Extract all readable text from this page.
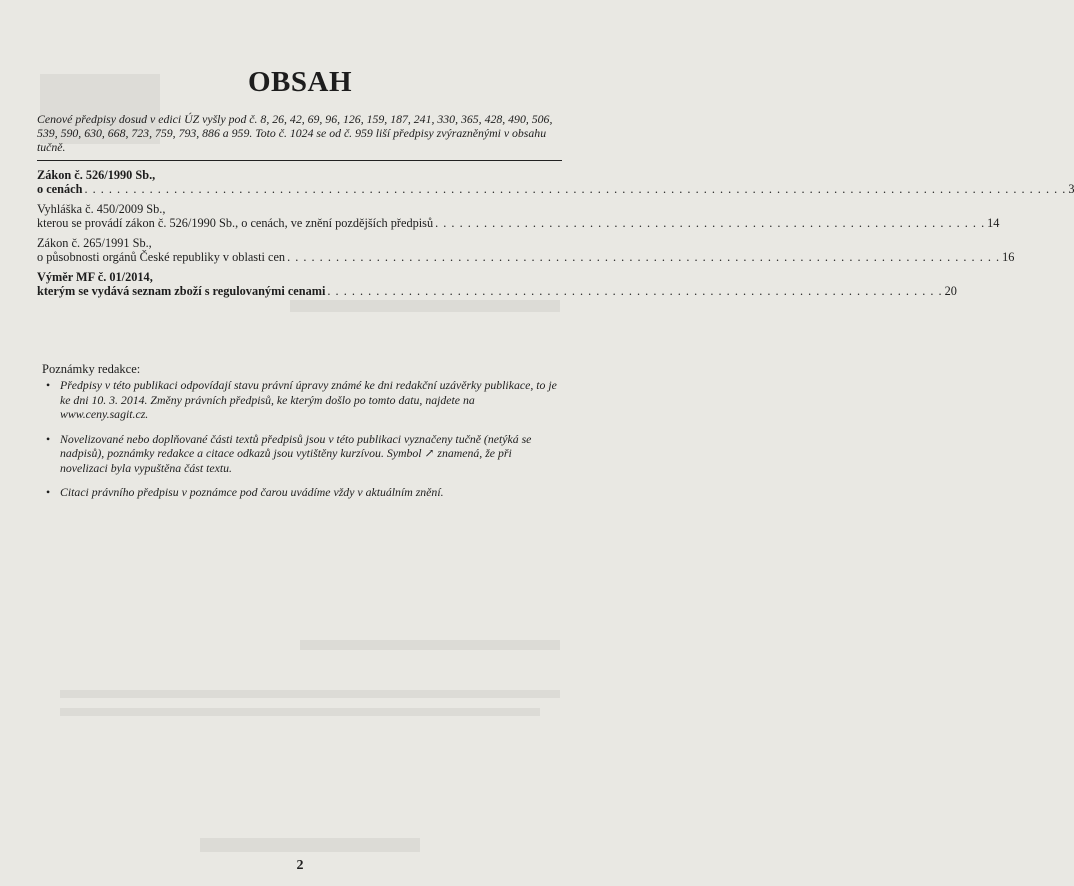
OBSAH
Cenové předpisy dosud v edici ÚZ vyšly pod č. 8, 26, 42, 69, 96, 126, 159, 187, 241, 330, 365, 428, 490, 506, 539, 590, 630, 668, 723, 759, 793, 886 a 959. Toto č. 1024 se od č. 959 liší předpisy zvýrazněnými v obsahu tučně.
Zákon č. 526/1990 Sb.,
o cenách . . . . . . . . . . . . . . . . . . . . . . . . . . . . . . . . . . . . . . . . . . . . . . . . . . . . . . . . . . . . . . . . . . . . . . . . . . . . . . . . . . . . . . . . . . . . . . . . . . . . . . . . . . . . . . . . . . . . . . . . . 3
Vyhláška č. 450/2009 Sb.,
kterou se provádí zákon č. 526/1990 Sb., o cenách, ve znění pozdějších předpisů . . . . . . . . . . . . . . . . . . . . . . . . . . . . . . . . . . . . . . . . . . . . . . . . . . . . . . . . . . . . . . . . . . . . 14
Zákon č. 265/1991 Sb.,
o působnosti orgánů České republiky v oblasti cen . . . . . . . . . . . . . . . . . . . . . . . . . . . . . . . . . . . . . . . . . . . . . . . . . . . . . . . . . . . . . . . . . . . . . . . . . . . . . . . . . . . . . . . . 16
Výměr MF č. 01/2014,
kterým se vydává seznam zboží s regulovanými cenami . . . . . . . . . . . . . . . . . . . . . . . . . . . . . . . . . . . . . . . . . . . . . . . . . . . . . . . . . . . . . . . . . . . . . . . . . . . . 20
Poznámky redakce:
• Předpisy v této publikaci odpovídají stavu právní úpravy známé ke dni redakční uzávěrky publikace, to je ke dni 10. 3. 2014. Změny právních předpisů, ke kterým došlo po tomto datu, najdete na www.ceny.sagit.cz.
• Novelizované nebo doplňované části textů předpisů jsou v této publikaci vyznačeny tučně (netýká se nadpisů), poznámky redakce a citace odkazů jsou vytištěny kurzívou. Symbol ↗ znamená, že při novelizaci byla vypuštěna část textu.
• Citaci právního předpisu v poznámce pod čarou uvádíme vždy v aktuálním znění.
2
